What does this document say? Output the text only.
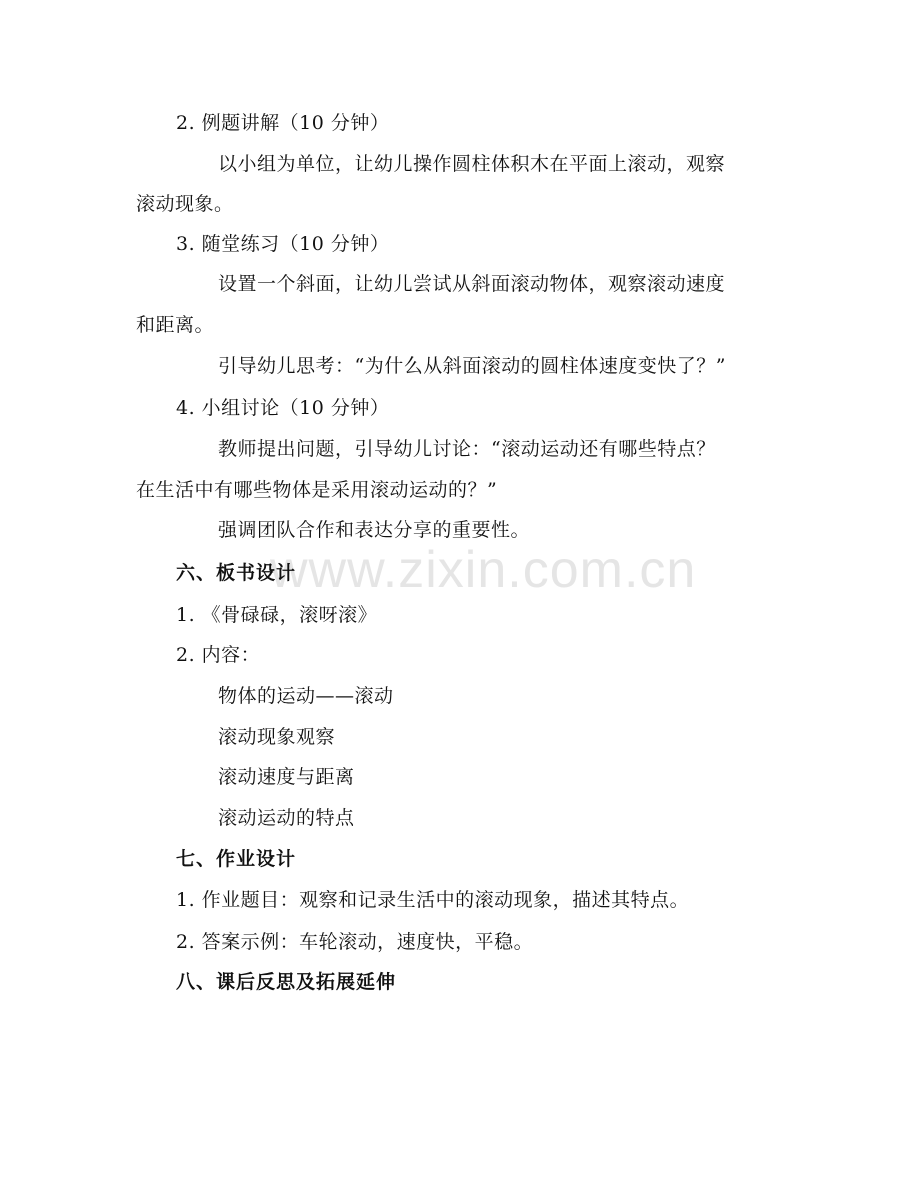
www.zixin.com.cn
2. 例题讲解（10 分钟）
以小组为单位，让幼儿操作圆柱体积木在平面上滚动，观察
滚动现象。
3. 随堂练习（10 分钟）
设置一个斜面，让幼儿尝试从斜面滚动物体，观察滚动速度
和距离。
引导幼儿思考：“为什么从斜面滚动的圆柱体速度变快了？”
4. 小组讨论（10 分钟）
教师提出问题，引导幼儿讨论：“滚动运动还有哪些特点？
在生活中有哪些物体是采用滚动运动的？”
强调团队合作和表达分享的重要性。
六、板书设计
1. 《骨碌碌，滚呀滚》
2. 内容：
物体的运动——滚动
滚动现象观察
滚动速度与距离
滚动运动的特点
七、作业设计
1. 作业题目：观察和记录生活中的滚动现象，描述其特点。
2. 答案示例：车轮滚动，速度快，平稳。
八、课后反思及拓展延伸
